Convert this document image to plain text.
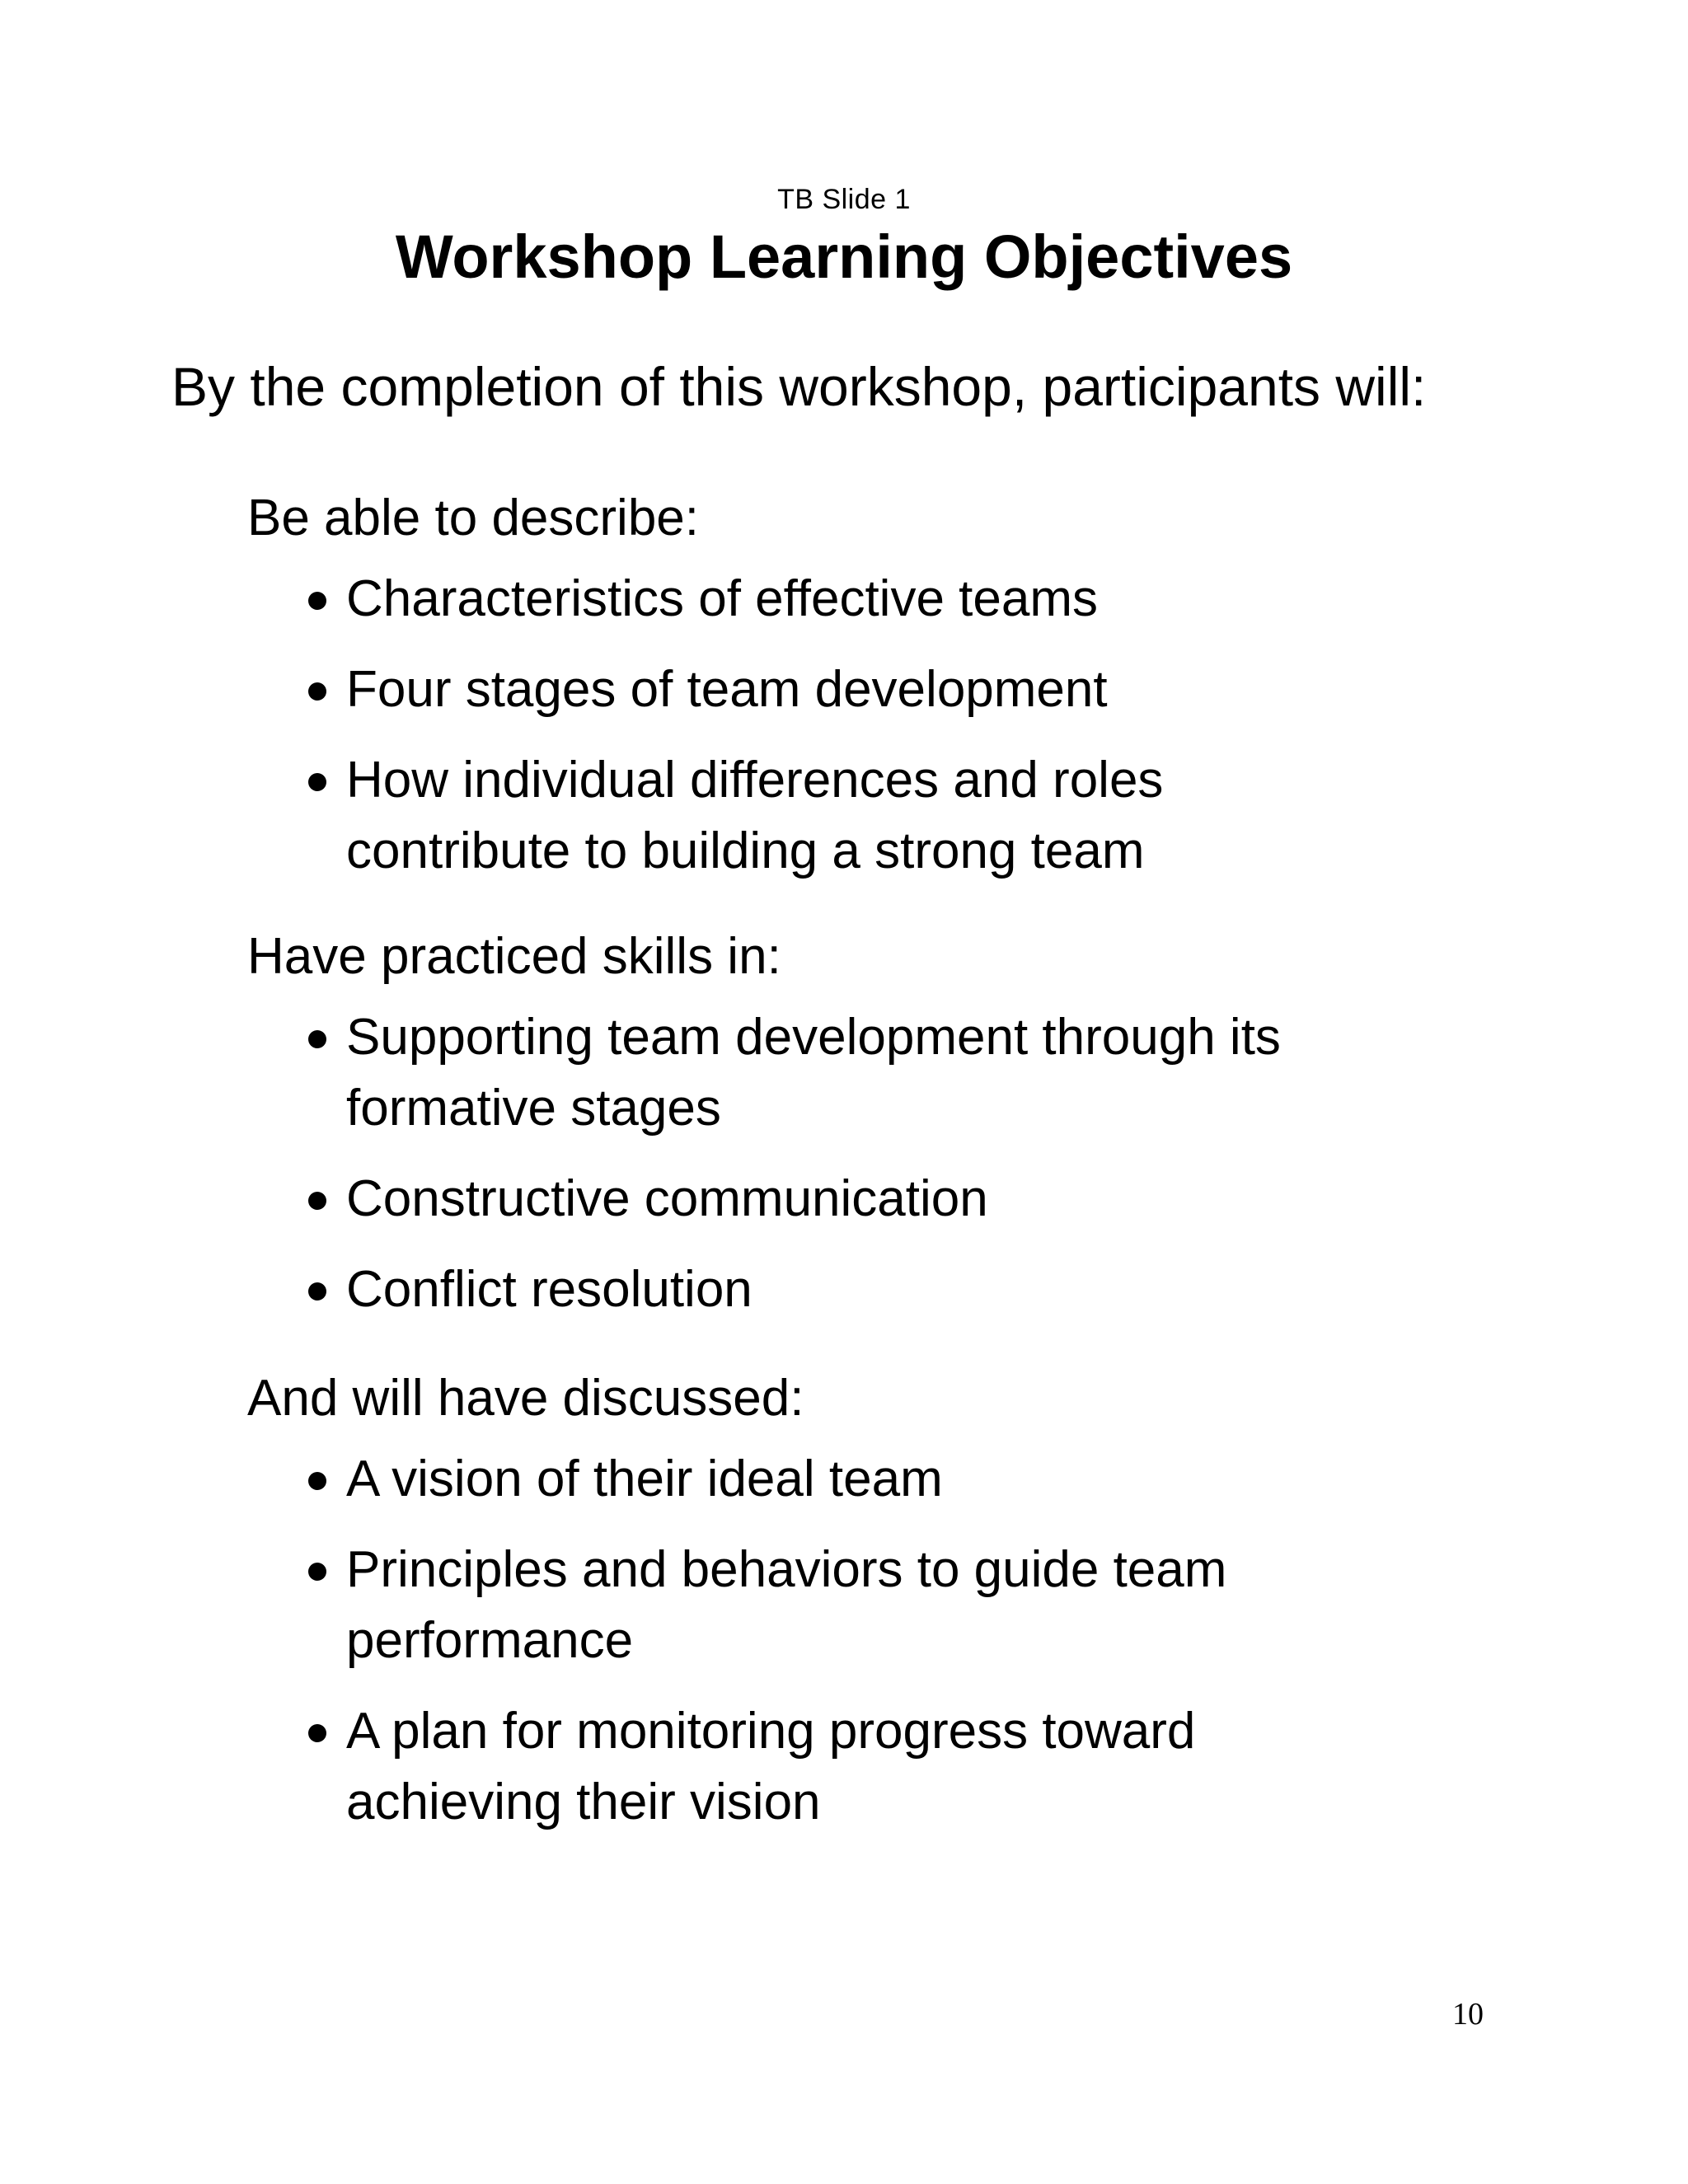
TB Slide 1
Workshop Learning Objectives
By the completion of this workshop, participants will:

Be able to describe:

Characteristics of effective teams
Four stages of team development
How individual differences and roles contribute to building a strong team

Have practiced skills in:

Supporting team development through its formative stages
Constructive communication
Conflict resolution

And will have discussed:

A vision of their ideal team
Principles and behaviors to guide team performance
A plan for monitoring progress toward achieving their vision
10
